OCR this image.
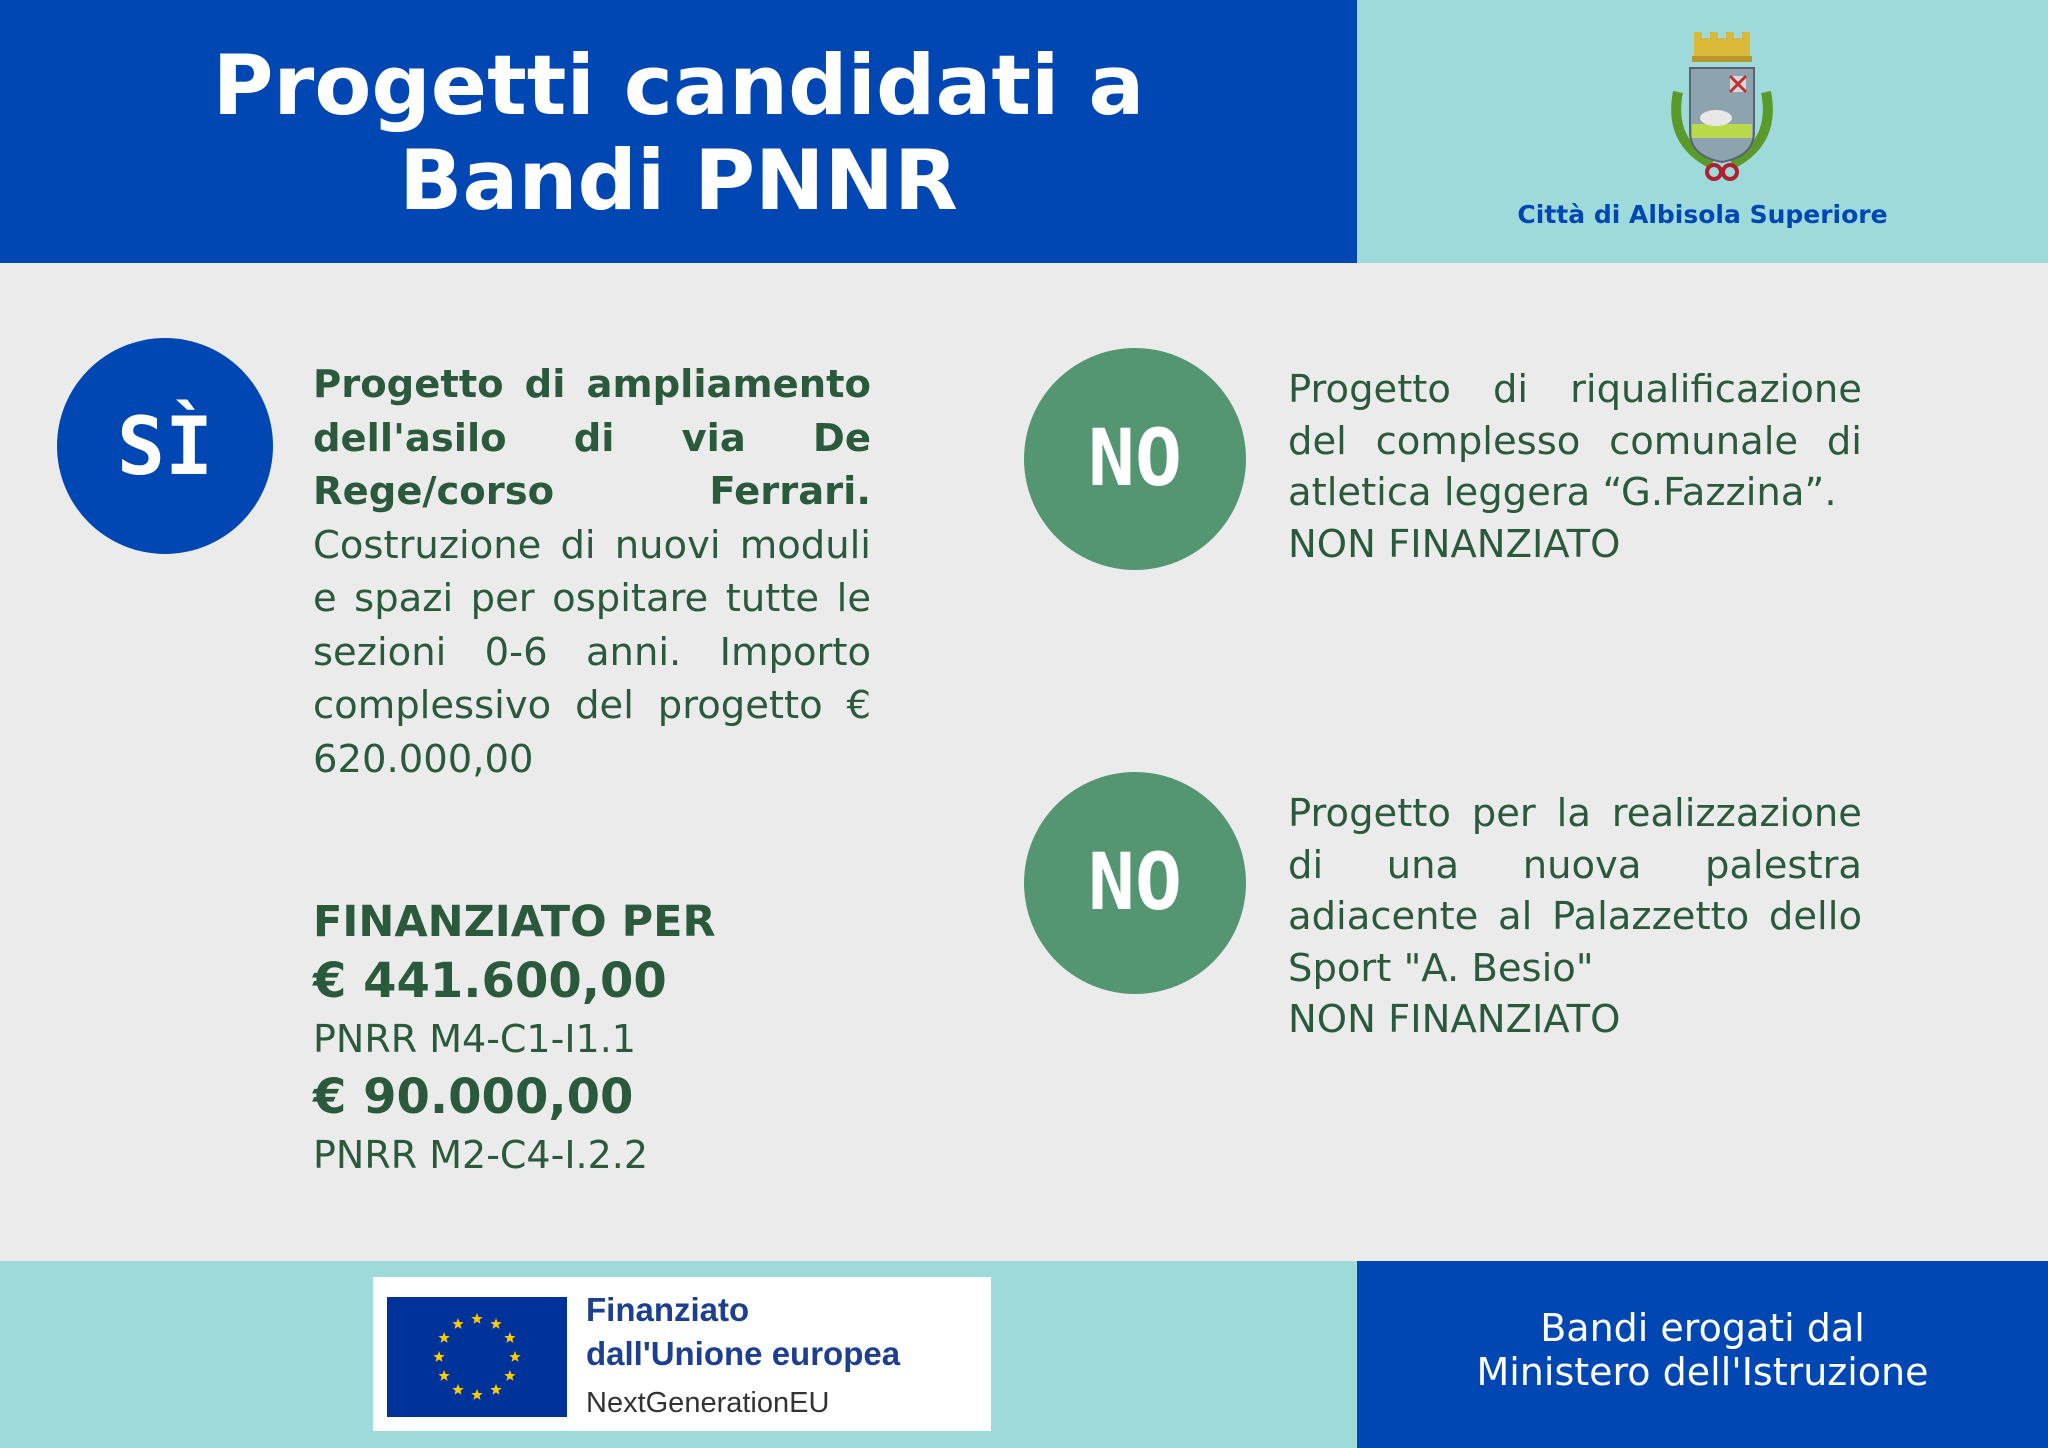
Progetti candidati a
Bandi PNNR	Città di Albisola Superiore
SÌ
Progetto di ampliamento dell'asilo di via De Rege/corso Ferrari. Costruzione di nuovi moduli e spazi per ospitare tutte le sezioni 0-6 anni. Importo complessivo del progetto € 620.000,00
FINANZIATO PER
€ 441.600,00
PNRR M4-C1-I1.1
€ 90.000,00
PNRR M2-C4-I.2.2
NO
Progetto di riqualificazione del complesso comunale di atletica leggera “G.Fazzina”.
NON FINANZIATO
NO
Progetto per la realizzazione di una nuova palestra adiacente al Palazzetto dello Sport "A. Besio"
NON FINANZIATO
Finanziato
dall'Unione europea
NextGenerationEU
Bandi erogati dal
Ministero dell'Istruzione
